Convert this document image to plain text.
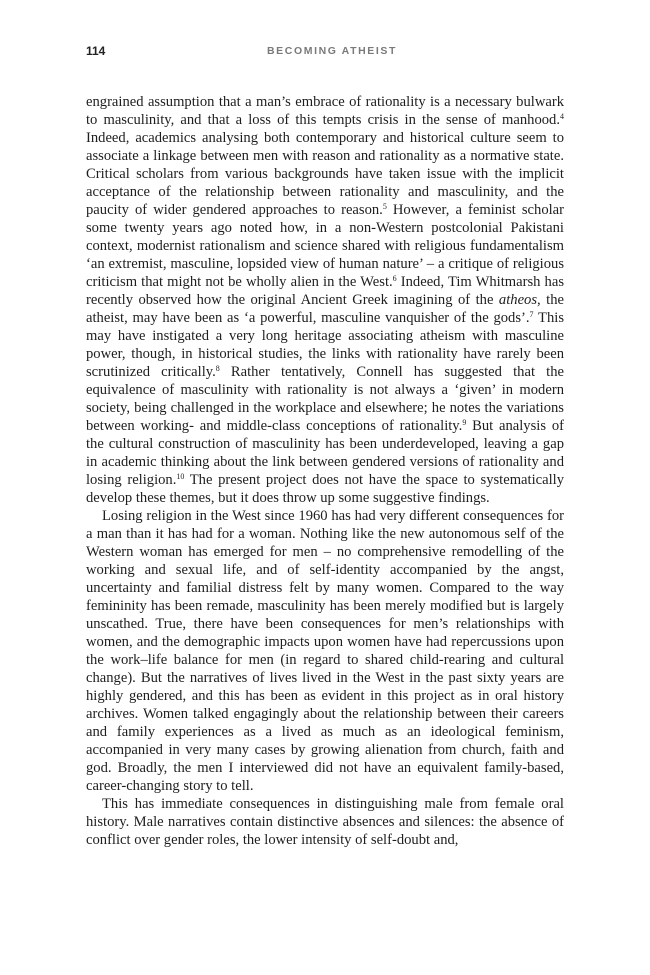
114	BECOMING ATHEIST

engrained assumption that a man’s embrace of rationality is a necessary bulwark to masculinity, and that a loss of this tempts crisis in the sense of manhood.$^4$ Indeed, academics analysing both contemporary and historical culture seem to associate a linkage between men with reason and rationality as a normative state. Critical scholars from various backgrounds have taken issue with the implicit acceptance of the relationship between rationality and masculinity, and the paucity of wider gendered approaches to reason.$^5$ However, a feminist scholar some twenty years ago noted how, in a non-Western postcolonial Pakistani context, modernist rationalism and science shared with religious fundamentalism ‘an extremist, masculine, lopsided view of human nature’ – a critique of religious criticism that might not be wholly alien in the West.$^6$ Indeed, Tim Whitmarsh has recently observed how the original Ancient Greek imagining of the atheos, the atheist, may have been as ‘a powerful, masculine vanquisher of the gods’.$^7$ This may have instigated a very long heritage associating atheism with masculine power, though, in historical studies, the links with rationality have rarely been scrutinized critically.$^8$ Rather tentatively, Connell has suggested that the equivalence of masculinity with rationality is not always a ‘given’ in modern society, being challenged in the workplace and elsewhere; he notes the variations between working- and middle-class conceptions of rationality.$^9$ But analysis of the cultural construction of masculinity has been underdeveloped, leaving a gap in academic thinking about the link between gendered versions of rationality and losing religion.$^{10}$ The present project does not have the space to systematically develop these themes, but it does throw up some suggestive findings.

Losing religion in the West since 1960 has had very different consequences for a man than it has had for a woman. Nothing like the new autonomous self of the Western woman has emerged for men – no comprehensive remodelling of the working and sexual life, and of self-identity accompanied by the angst, uncertainty and familial distress felt by many women. Compared to the way femininity has been remade, masculinity has been merely modified but is largely unscathed. True, there have been consequences for men’s relationships with women, and the demographic impacts upon women have had repercussions upon the work–life balance for men (in regard to shared child-rearing and cultural change). But the narratives of lives lived in the West in the past sixty years are highly gendered, and this has been as evident in this project as in oral history archives. Women talked engagingly about the relationship between their careers and family experiences as a lived as much as an ideological feminism, accompanied in very many cases by growing alienation from church, faith and god. Broadly, the men I interviewed did not have an equivalent family-based, career-changing story to tell.

This has immediate consequences in distinguishing male from female oral history. Male narratives contain distinctive absences and silences: the absence of conflict over gender roles, the lower intensity of self-doubt and,
